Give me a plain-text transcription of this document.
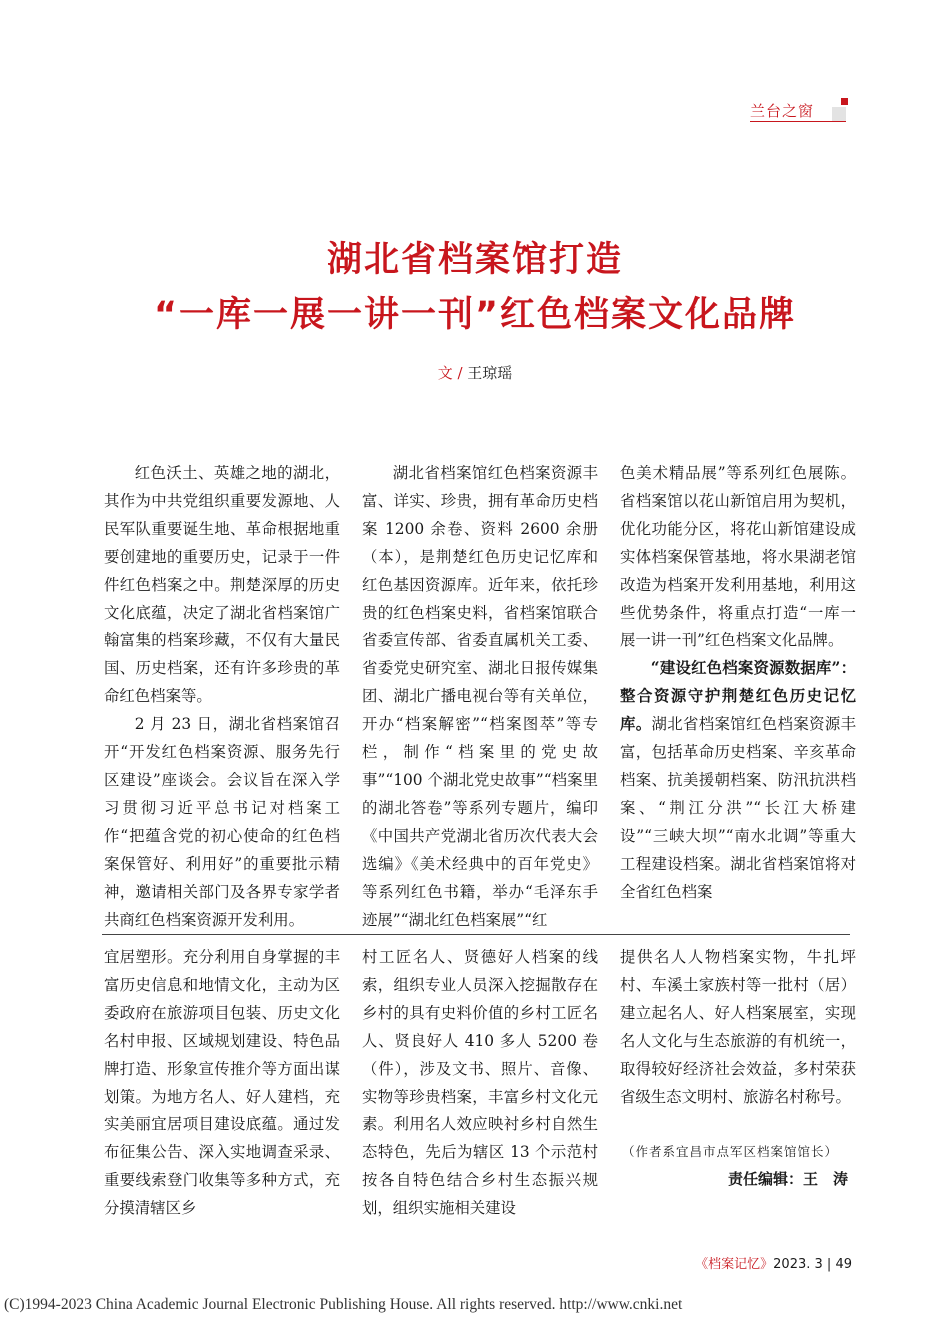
兰台之窗
湖北省档案馆打造
“一库一展一讲一刊”红色档案文化品牌
文 / 王琼瑶

红色沃土、英雄之地的湖北，其作为中共党组织重要发源地、人民军队重要诞生地、革命根据地重要创建地的重要历史，记录于一件件红色档案之中。荆楚深厚的历史文化底蕴，决定了湖北省档案馆广翰富集的档案珍藏，不仅有大量民国、历史档案，还有许多珍贵的革命红色档案等。

2 月 23 日，湖北省档案馆召开“开发红色档案资源、服务先行区建设”座谈会。会议旨在深入学习贯彻习近平总书记对档案工作“把蕴含党的初心使命的红色档案保管好、利用好”的重要批示精神，邀请相关部门及各界专家学者共商红色档案资源开发利用。

湖北省档案馆红色档案资源丰富、详实、珍贵，拥有革命历史档案 1200 余卷、资料 2600 余册（本），是荆楚红色历史记忆库和红色基因资源库。近年来，依托珍贵的红色档案史料，省档案馆联合省委宣传部、省委直属机关工委、省委党史研究室、湖北日报传媒集团、湖北广播电视台等有关单位，开办“档案解密”“档案图萃”等专栏，制作“档案里的党史故事”“100 个湖北党史故事”“档案里的湖北答卷”等系列专题片，编印《中国共产党湖北省历次代表大会选编》《美术经典中的百年党史》等系列红色书籍，举办“毛泽东手迹展”“湖北红色档案展”“红

色美术精品展”等系列红色展陈。省档案馆以花山新馆启用为契机，优化功能分区，将花山新馆建设成实体档案保管基地，将水果湖老馆改造为档案开发利用基地，利用这些优势条件，将重点打造“一库一展一讲一刊”红色档案文化品牌。

“建设红色档案资源数据库”：整合资源守护荆楚红色历史记忆库。湖北省档案馆红色档案资源丰富，包括革命历史档案、辛亥革命档案、抗美援朝档案、防汛抗洪档案、“荆江分洪”“长江大桥建设”“三峡大坝”“南水北调”等重大工程建设档案。湖北省档案馆将对全省红色档案

宜居塑形。充分利用自身掌握的丰富历史信息和地情文化，主动为区委政府在旅游项目包装、历史文化名村申报、区域规划建设、特色品牌打造、形象宣传推介等方面出谋划策。为地方名人、好人建档，充实美丽宜居项目建设底蕴。通过发布征集公告、深入实地调查采录、重要线索登门收集等多种方式，充分摸清辖区乡

村工匠名人、贤德好人档案的线索，组织专业人员深入挖掘散存在乡村的具有史料价值的乡村工匠名人、贤良好人 410 多人 5200 卷（件），涉及文书、照片、音像、实物等珍贵档案，丰富乡村文化元素。利用名人效应映衬乡村自然生态特色，先后为辖区 13 个示范村按各自特色结合乡村生态振兴规划，组织实施相关建设

提供名人人物档案实物，牛扎坪村、车溪土家族村等一批村（居）建立起名人、好人档案展室，实现名人文化与生态旅游的有机统一，取得较好经济社会效益，多村荣获省级生态文明村、旅游名村称号。

（作者系宜昌市点军区档案馆馆长）
责任编辑：王　涛
《档案记忆》2023. 3 | 49
(C)1994-2023 China Academic Journal Electronic Publishing House. All rights reserved. http://www.cnki.net
